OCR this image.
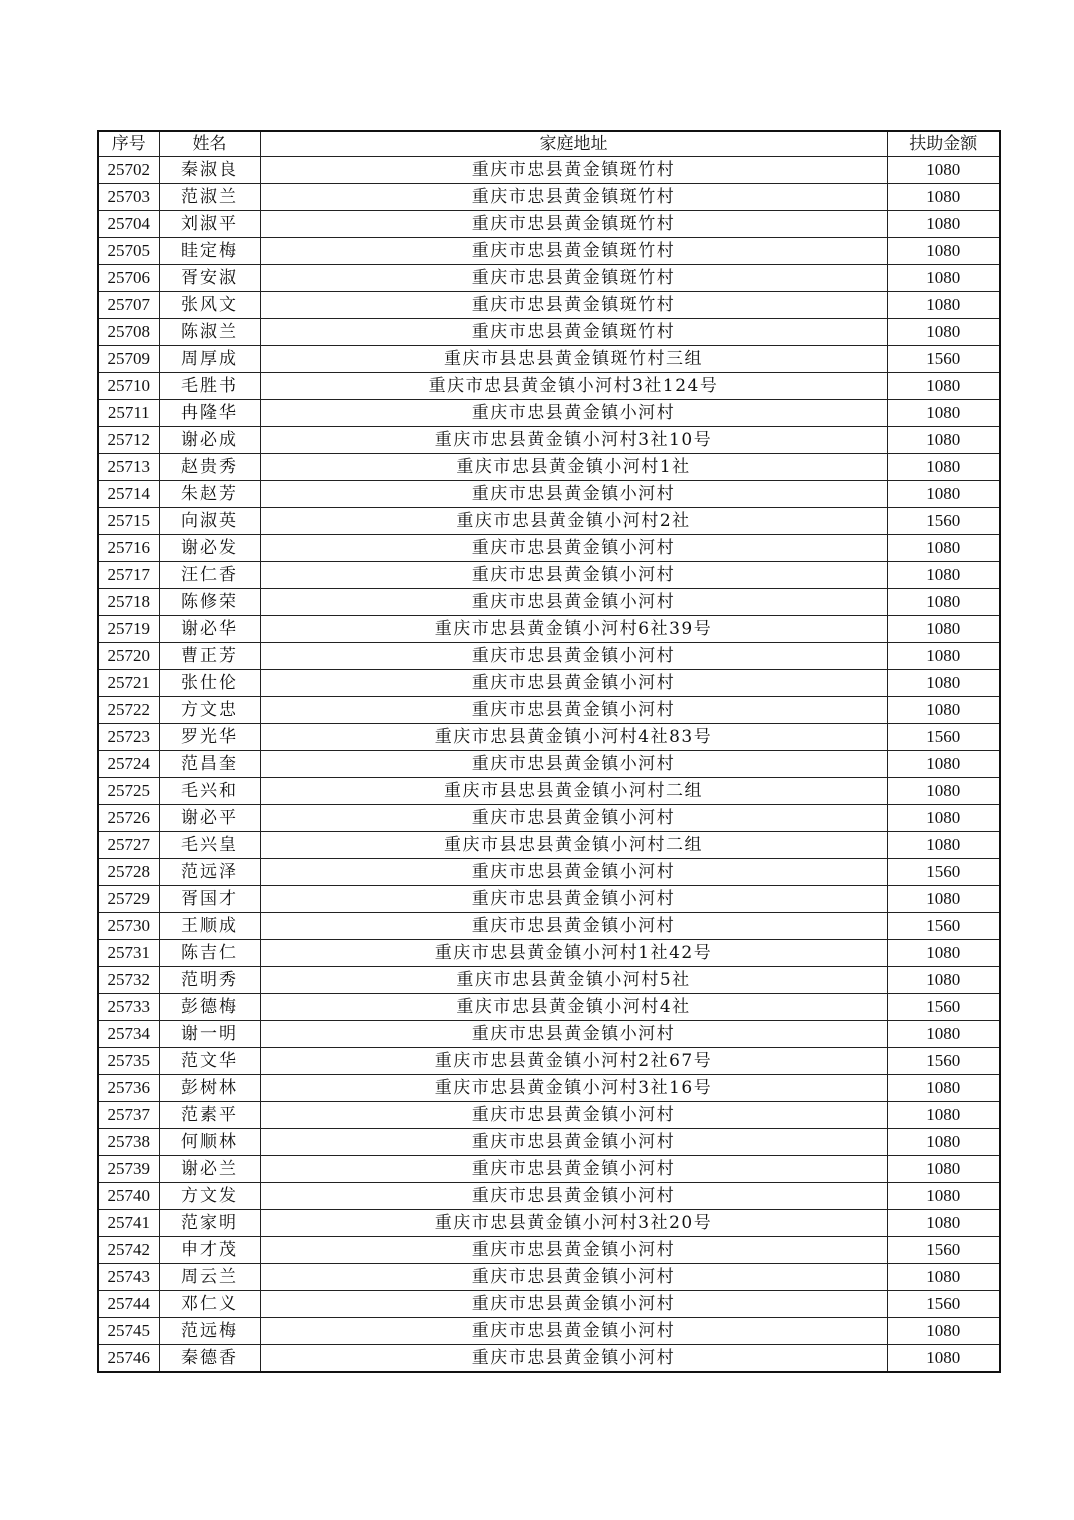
序号	姓名	家庭地址	扶助金额
25702	秦淑良	重庆市忠县黄金镇斑竹村	1080
25703	范淑兰	重庆市忠县黄金镇斑竹村	1080
25704	刘淑平	重庆市忠县黄金镇斑竹村	1080
25705	眭定梅	重庆市忠县黄金镇斑竹村	1080
25706	胥安淑	重庆市忠县黄金镇斑竹村	1080
25707	张风文	重庆市忠县黄金镇斑竹村	1080
25708	陈淑兰	重庆市忠县黄金镇斑竹村	1080
25709	周厚成	重庆市县忠县黄金镇斑竹村三组	1560
25710	毛胜书	重庆市忠县黄金镇小河村3社124号	1080
25711	冉隆华	重庆市忠县黄金镇小河村	1080
25712	谢必成	重庆市忠县黄金镇小河村3社10号	1080
25713	赵贵秀	重庆市忠县黄金镇小河村1社	1080
25714	朱赵芳	重庆市忠县黄金镇小河村	1080
25715	向淑英	重庆市忠县黄金镇小河村2社	1560
25716	谢必发	重庆市忠县黄金镇小河村	1080
25717	汪仁香	重庆市忠县黄金镇小河村	1080
25718	陈修荣	重庆市忠县黄金镇小河村	1080
25719	谢必华	重庆市忠县黄金镇小河村6社39号	1080
25720	曹正芳	重庆市忠县黄金镇小河村	1080
25721	张仕伦	重庆市忠县黄金镇小河村	1080
25722	方文忠	重庆市忠县黄金镇小河村	1080
25723	罗光华	重庆市忠县黄金镇小河村4社83号	1560
25724	范昌奎	重庆市忠县黄金镇小河村	1080
25725	毛兴和	重庆市县忠县黄金镇小河村二组	1080
25726	谢必平	重庆市忠县黄金镇小河村	1080
25727	毛兴皇	重庆市县忠县黄金镇小河村二组	1080
25728	范远泽	重庆市忠县黄金镇小河村	1560
25729	胥国才	重庆市忠县黄金镇小河村	1080
25730	王顺成	重庆市忠县黄金镇小河村	1560
25731	陈吉仁	重庆市忠县黄金镇小河村1社42号	1080
25732	范明秀	重庆市忠县黄金镇小河村5社	1080
25733	彭德梅	重庆市忠县黄金镇小河村4社	1560
25734	谢一明	重庆市忠县黄金镇小河村	1080
25735	范文华	重庆市忠县黄金镇小河村2社67号	1560
25736	彭树林	重庆市忠县黄金镇小河村3社16号	1080
25737	范素平	重庆市忠县黄金镇小河村	1080
25738	何顺林	重庆市忠县黄金镇小河村	1080
25739	谢必兰	重庆市忠县黄金镇小河村	1080
25740	方文发	重庆市忠县黄金镇小河村	1080
25741	范家明	重庆市忠县黄金镇小河村3社20号	1080
25742	申才茂	重庆市忠县黄金镇小河村	1560
25743	周云兰	重庆市忠县黄金镇小河村	1080
25744	邓仁义	重庆市忠县黄金镇小河村	1560
25745	范远梅	重庆市忠县黄金镇小河村	1080
25746	秦德香	重庆市忠县黄金镇小河村	1080
